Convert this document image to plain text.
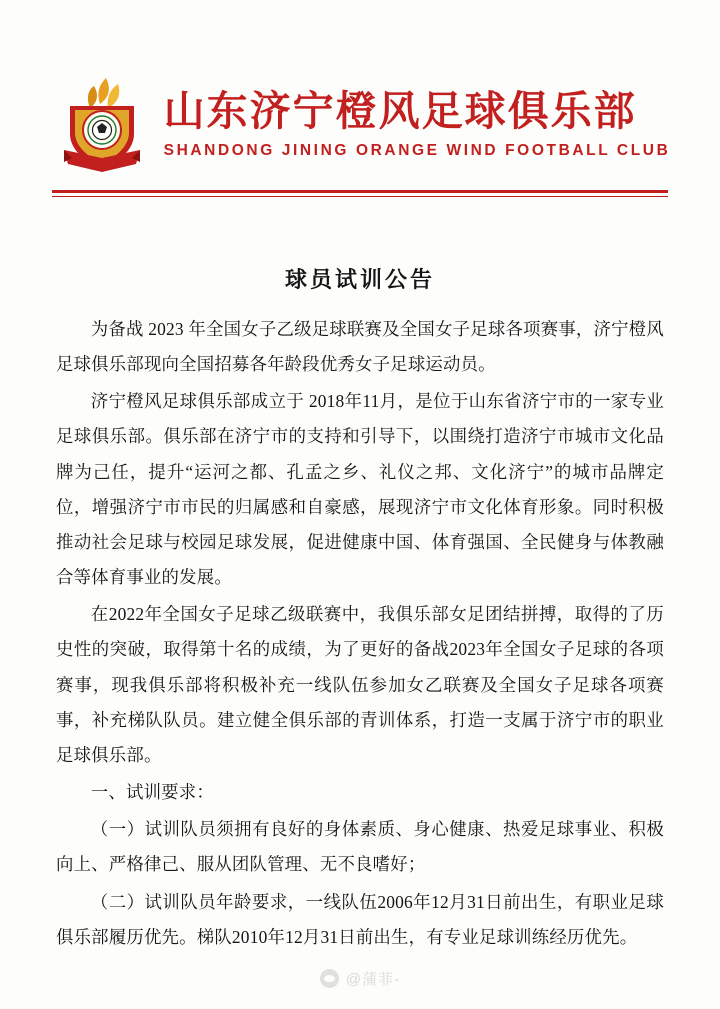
山东济宁橙风足球俱乐部
SHANDONG JINING ORANGE WIND FOOTBALL CLUB
球员试训公告

为备战 2023 年全国女子乙级足球联赛及全国女子足球各项赛事，济宁橙风足球俱乐部现向全国招募各年龄段优秀女子足球运动员。

济宁橙风足球俱乐部成立于 2018年11月，是位于山东省济宁市的一家专业足球俱乐部。俱乐部在济宁市的支持和引导下，以围绕打造济宁市城市文化品牌为己任，提升“运河之都、孔孟之乡、礼仪之邦、文化济宁”的城市品牌定位，增强济宁市市民的归属感和自豪感，展现济宁市文化体育形象。同时积极推动社会足球与校园足球发展，促进健康中国、体育强国、全民健身与体教融合等体育事业的发展。

在2022年全国女子足球乙级联赛中，我俱乐部女足团结拼搏，取得的了历史性的突破，取得第十名的成绩，为了更好的备战2023年全国女子足球的各项赛事，现我俱乐部将积极补充一线队伍参加女乙联赛及全国女子足球各项赛事，补充梯队队员。建立健全俱乐部的青训体系，打造一支属于济宁市的职业足球俱乐部。

一、试训要求：

（一）试训队员须拥有良好的身体素质、身心健康、热爱足球事业、积极向上、严格律己、服从团队管理、无不良嗜好；

（二）试训队员年龄要求，一线队伍2006年12月31日前出生，有职业足球俱乐部履历优先。梯队2010年12月31日前出生，有专业足球训练经历优先。

@蒲菲-
